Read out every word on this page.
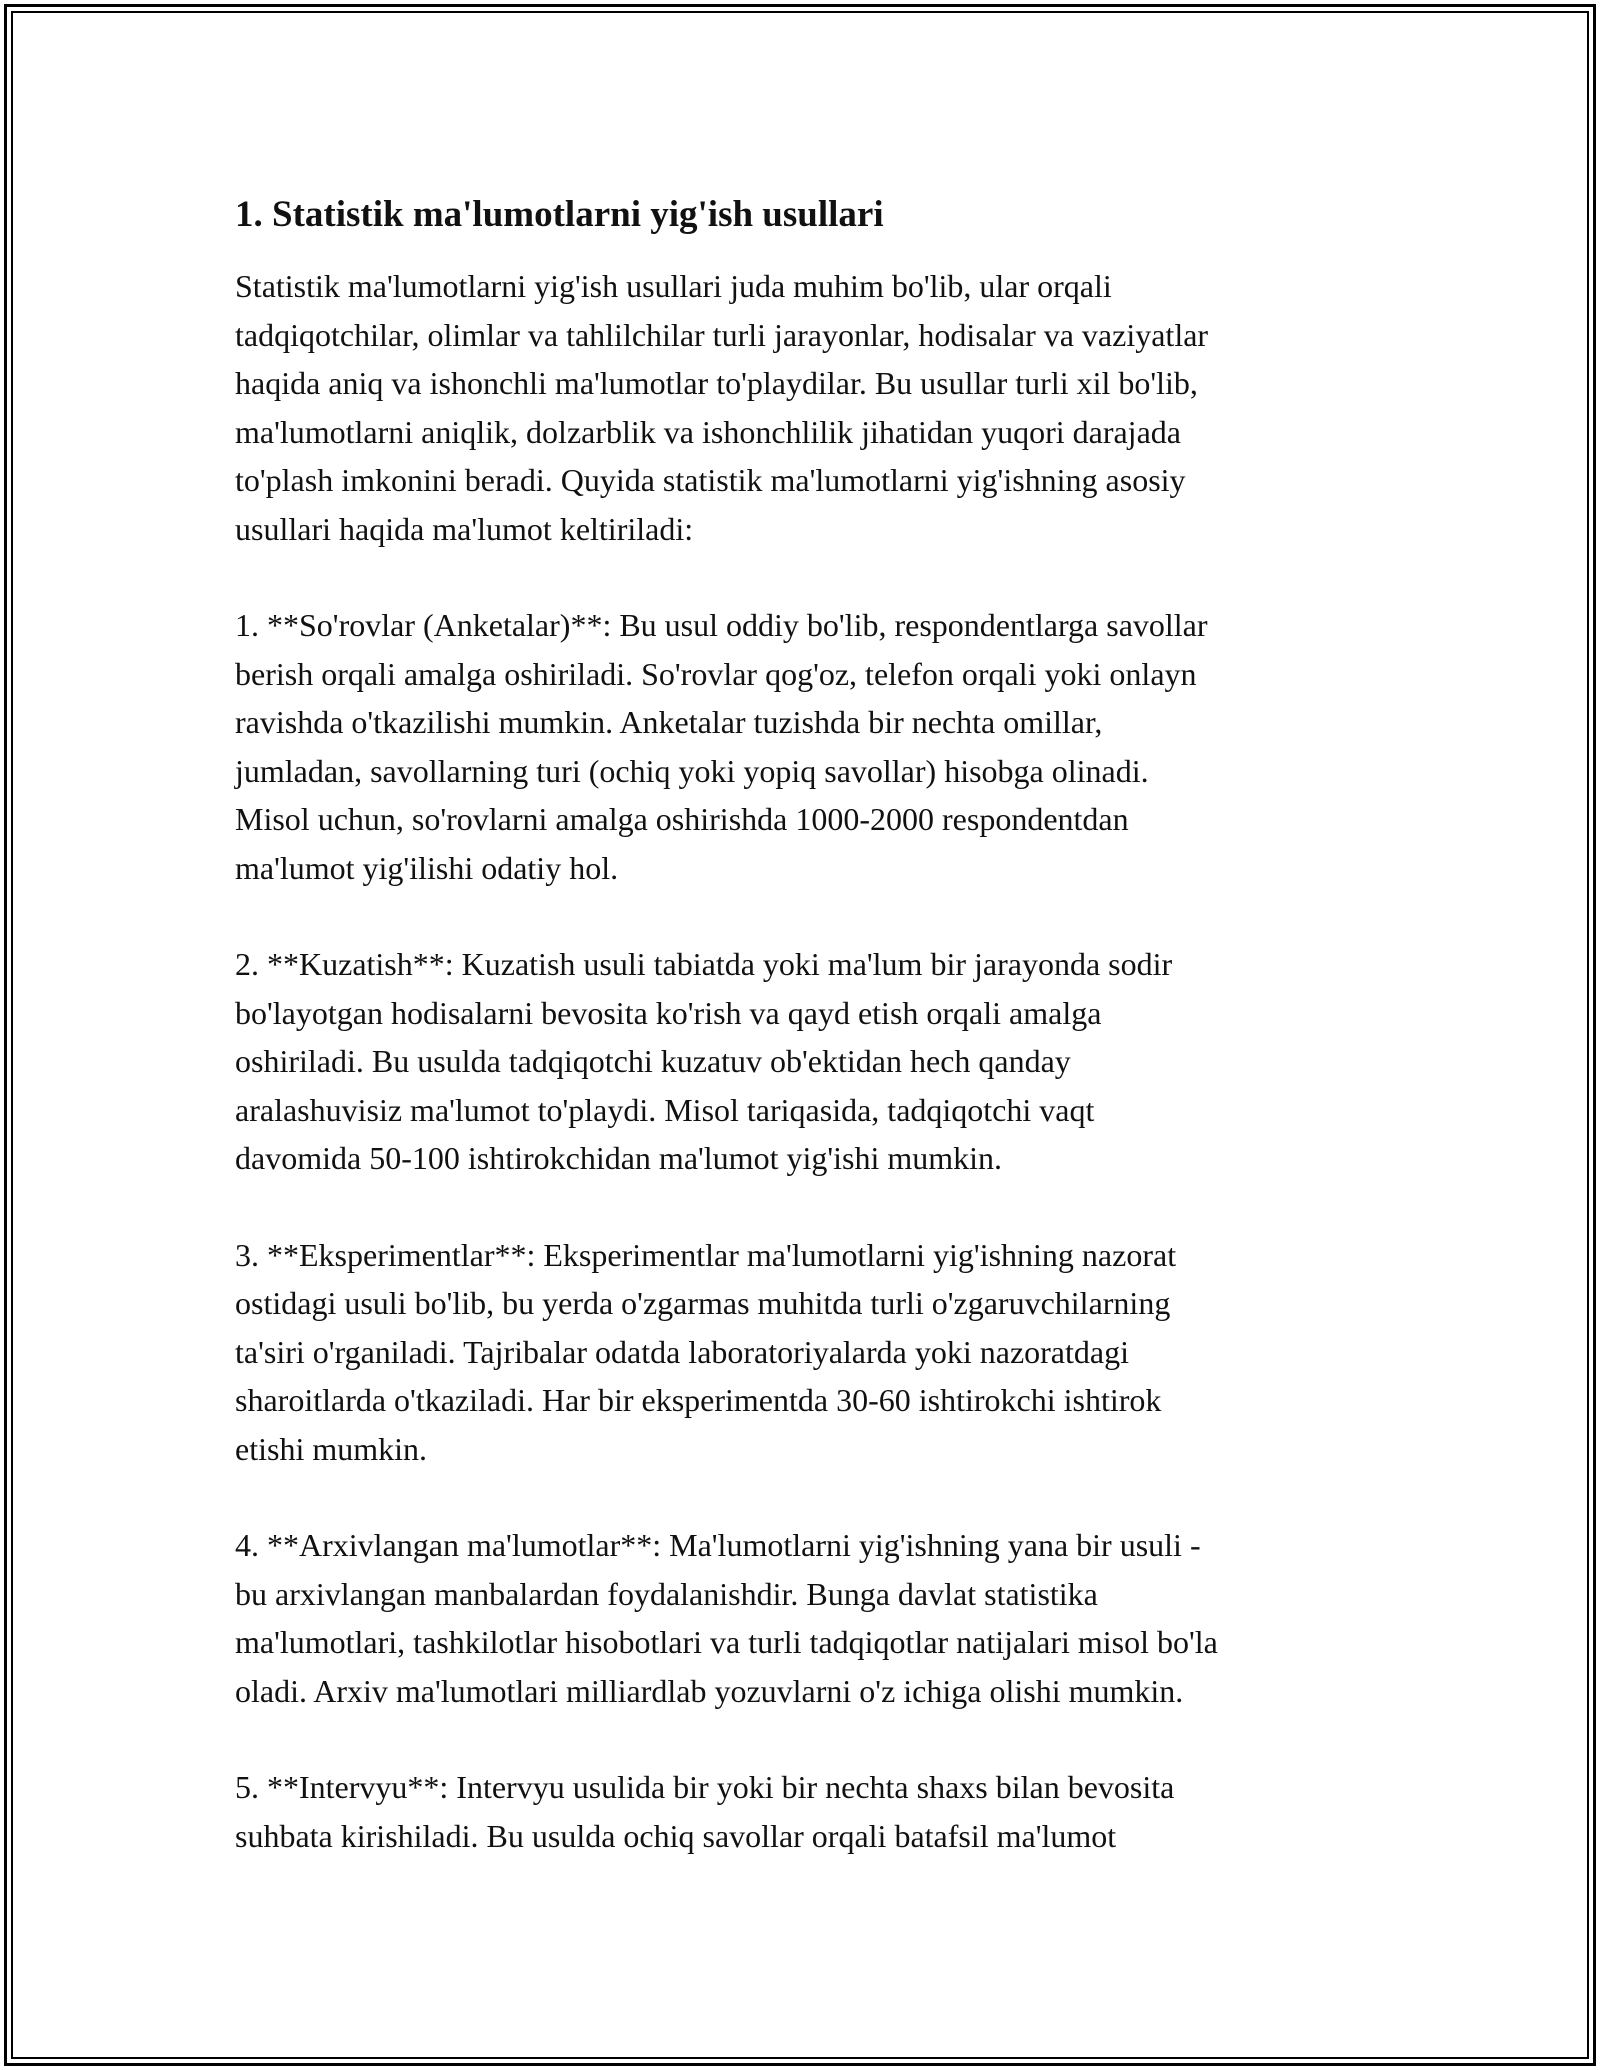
1. Statistik ma'lumotlarni yig'ish usullari
Statistik ma'lumotlarni yig'ish usullari juda muhim bo'lib, ular orqali
tadqiqotchilar, olimlar va tahlilchilar turli jarayonlar, hodisalar va vaziyatlar
haqida aniq va ishonchli ma'lumotlar to'playdilar. Bu usullar turli xil bo'lib,
ma'lumotlarni aniqlik, dolzarblik va ishonchlilik jihatidan yuqori darajada
to'plash imkonini beradi. Quyida statistik ma'lumotlarni yig'ishning asosiy
usullari haqida ma'lumot keltiriladi:
1. **So'rovlar (Anketalar)**: Bu usul oddiy bo'lib, respondentlarga savollar
berish orqali amalga oshiriladi. So'rovlar qog'oz, telefon orqali yoki onlayn
ravishda o'tkazilishi mumkin. Anketalar tuzishda bir nechta omillar,
jumladan, savollarning turi (ochiq yoki yopiq savollar) hisobga olinadi.
Misol uchun, so'rovlarni amalga oshirishda 1000-2000 respondentdan
ma'lumot yig'ilishi odatiy hol.
2. **Kuzatish**: Kuzatish usuli tabiatda yoki ma'lum bir jarayonda sodir
bo'layotgan hodisalarni bevosita ko'rish va qayd etish orqali amalga
oshiriladi. Bu usulda tadqiqotchi kuzatuv ob'ektidan hech qanday
aralashuvisiz ma'lumot to'playdi. Misol tariqasida, tadqiqotchi vaqt
davomida 50-100 ishtirokchidan ma'lumot yig'ishi mumkin.
3. **Eksperimentlar**: Eksperimentlar ma'lumotlarni yig'ishning nazorat
ostidagi usuli bo'lib, bu yerda o'zgarmas muhitda turli o'zgaruvchilarning
ta'siri o'rganiladi. Tajribalar odatda laboratoriyalarda yoki nazoratdagi
sharoitlarda o'tkaziladi. Har bir eksperimentda 30-60 ishtirokchi ishtirok
etishi mumkin.
4. **Arxivlangan ma'lumotlar**: Ma'lumotlarni yig'ishning yana bir usuli -
bu arxivlangan manbalardan foydalanishdir. Bunga davlat statistika
ma'lumotlari, tashkilotlar hisobotlari va turli tadqiqotlar natijalari misol bo'la
oladi. Arxiv ma'lumotlari milliardlab yozuvlarni o'z ichiga olishi mumkin.
5. **Intervyu**: Intervyu usulida bir yoki bir nechta shaxs bilan bevosita
suhbata kirishiladi. Bu usulda ochiq savollar orqali batafsil ma'lumot
